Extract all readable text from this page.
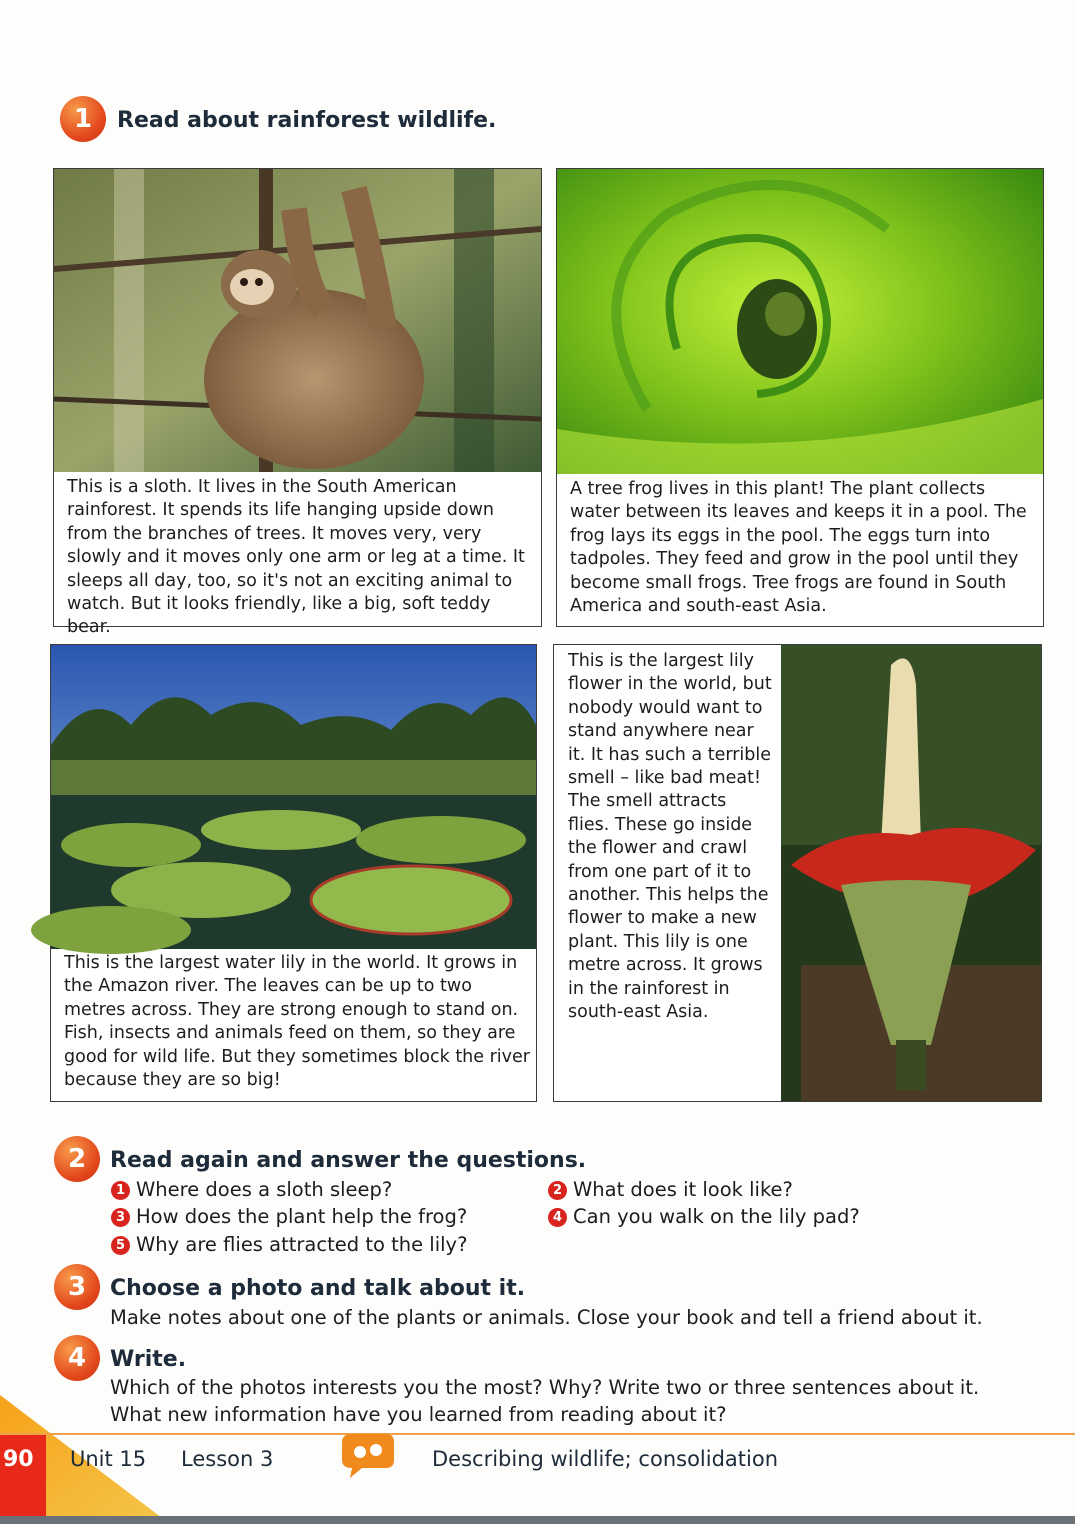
1	Read about rainforest wildlife.

This is a sloth. It lives in the South American rainforest. It spends its life hanging upside down from the branches of trees. It moves very, very slowly and it moves only one arm or leg at a time. It sleeps all day, too, so it's not an exciting animal to watch. But it looks friendly, like a big, soft teddy bear.

A tree frog lives in this plant! The plant collects water between its leaves and keeps it in a pool. The frog lays its eggs in the pool. The eggs turn into tadpoles. They feed and grow in the pool until they become small frogs. Tree frogs are found in South America and south-east Asia.

This is the largest water lily in the world. It grows in the Amazon river. The leaves can be up to two metres across. They are strong enough to stand on. Fish, insects and animals feed on them, so they are good for wild life. But they sometimes block the river because they are so big!

This is the largest lily flower in the world, but nobody would want to stand anywhere near it. It has such a terrible smell – like bad meat! The smell attracts flies. These go inside the flower and crawl from one part of it to another. This helps the flower to make a new plant. This lily is one metre across. It grows in the rainforest in south-east Asia.

2	Read again and answer the questions.
1 Where does a sloth sleep?	2 What does it look like?
3 How does the plant help the frog?	4 Can you walk on the lily pad?
5 Why are flies attracted to the lily?
3	Choose a photo and talk about it.
Make notes about one of the plants or animals. Close your book and tell a friend about it.
4	Write.
Which of the photos interests you the most? Why? Write two or three sentences about it. What new information have you learned from reading about it?
90 Unit 15 Lesson 3	Describing wildlife; consolidation
